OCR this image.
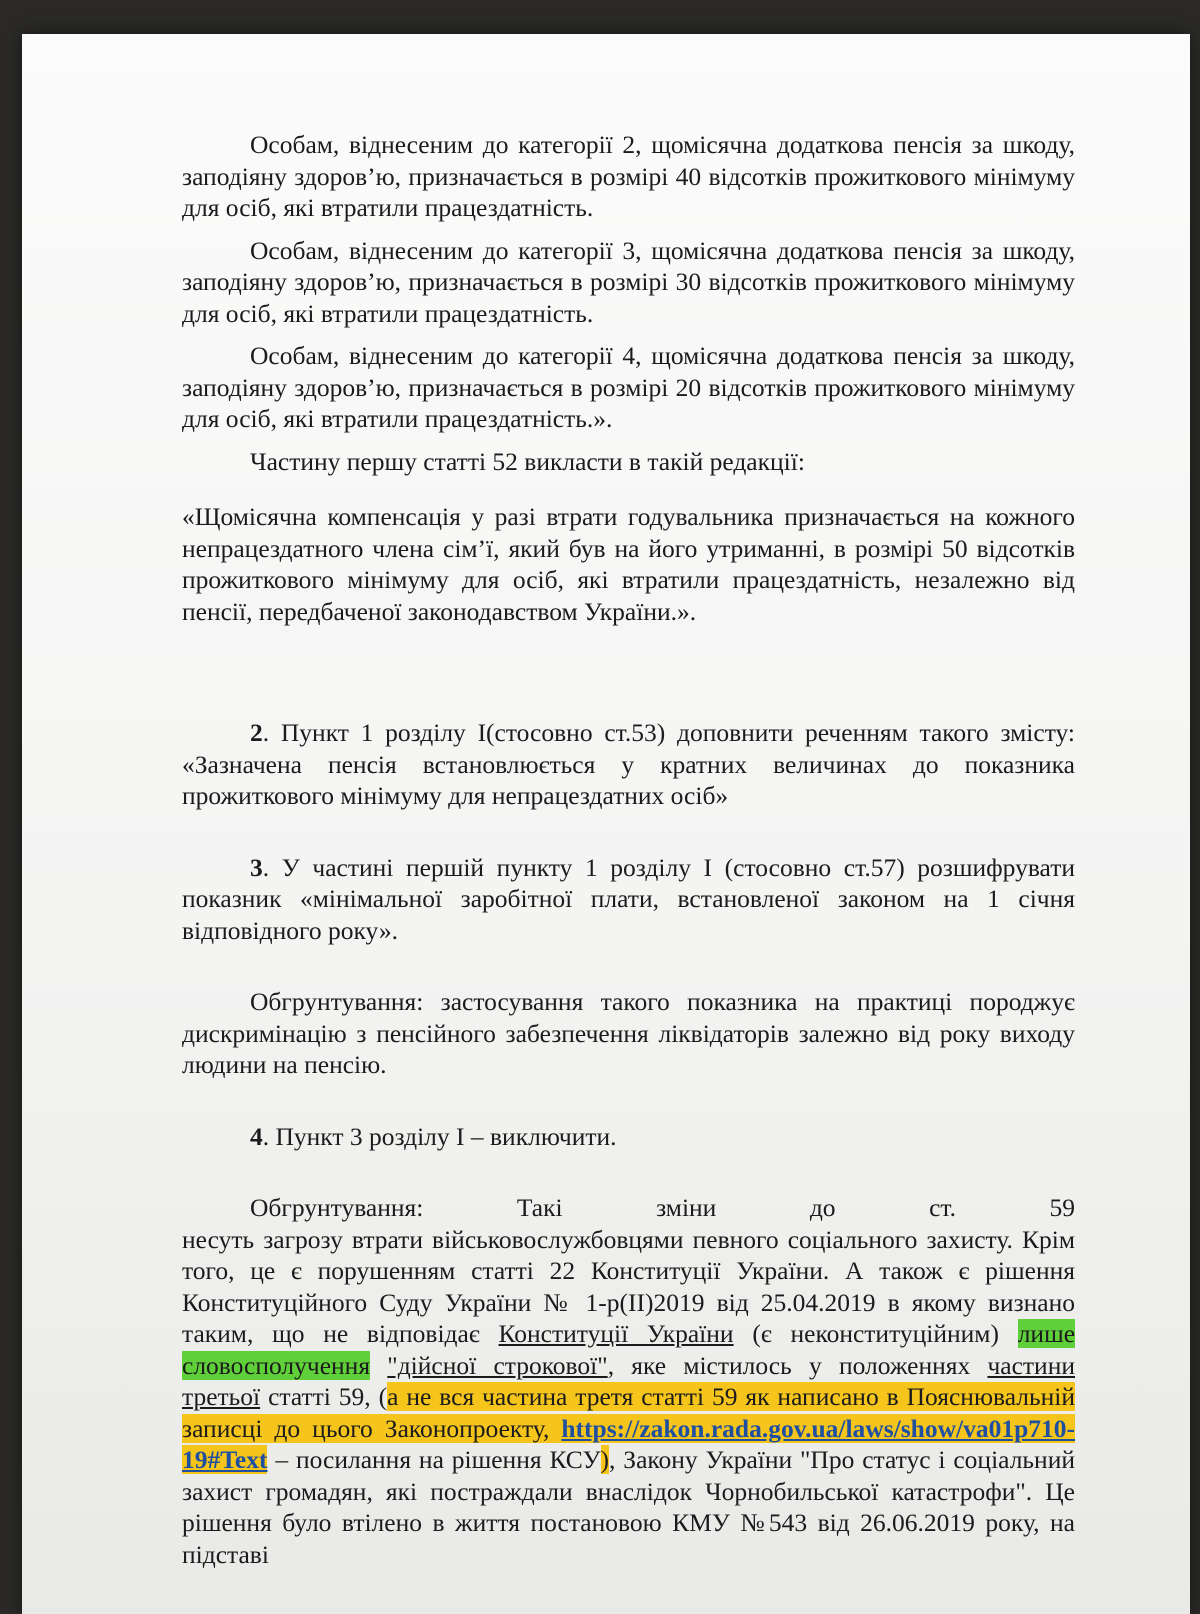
Особам, віднесеним до категорії 2, щомісячна додаткова пенсія за шкоду, заподіяну здоров’ю, призначається в розмірі 40 відсотків прожиткового мінімуму для осіб, які втратили працездатність.

Особам, віднесеним до категорії 3, щомісячна додаткова пенсія за шкоду, заподіяну здоров’ю, призначається в розмірі 30 відсотків прожиткового мінімуму для осіб, які втратили працездатність.

Особам, віднесеним до категорії 4, щомісячна додаткова пенсія за шкоду, заподіяну здоров’ю, призначається в розмірі 20 відсотків прожиткового мінімуму для осіб, які втратили працездатність.».

Частину першу статті 52 викласти в такій редакції:

«Щомісячна компенсація у разі втрати годувальника призначається на кожного непрацездатного члена сім’ї, який був на його утриманні, в розмірі 50 відсотків прожиткового мінімуму для осіб, які втратили працездатність, незалежно від пенсії, передбаченої законодавством України.».

2. Пункт 1 розділу І(стосовно ст.53) доповнити реченням такого змісту: «Зазначена пенсія встановлюється у кратних величинах до показника прожиткового мінімуму для непрацездатних осіб»

3. У частині першій пункту 1 розділу І (стосовно ст.57) розшифрувати показник «мінімальної заробітної плати, встановленої законом на 1 січня відповідного року».

Обгрунтування: застосування такого показника на практиці породжує дискримінацію з пенсійного забезпечення ліквідаторів залежно від року виходу людини на пенсію.

4. Пункт 3 розділу І – виключити.

Обгрунтування: Такі зміни до ст. 59

несуть загрозу втрати військовослужбовцями певного соціального захисту. Крім того, це є порушенням статті 22 Конституції України. А також є рішення Конституційного Суду України № 1-р(ІІ)2019 від 25.04.2019 в якому визнано таким, що не відповідає Конституції України (є неконституційним) лише словосполучення "дійсної строкової", яке містилось у положеннях частини третьої статті 59, (а не вся частина третя статті 59 як написано в Пояснювальній записці до цього Законопроекту, https://zakon.rada.gov.ua/laws/show/va01p710-19#Text – посилання на рішення КСУ), Закону України "Про статус і соціальний захист громадян, які постраждали внаслідок Чорнобильської катастрофи". Це рішення було втілено в життя постановою КМУ №543 від 26.06.2019 року, на підставі
